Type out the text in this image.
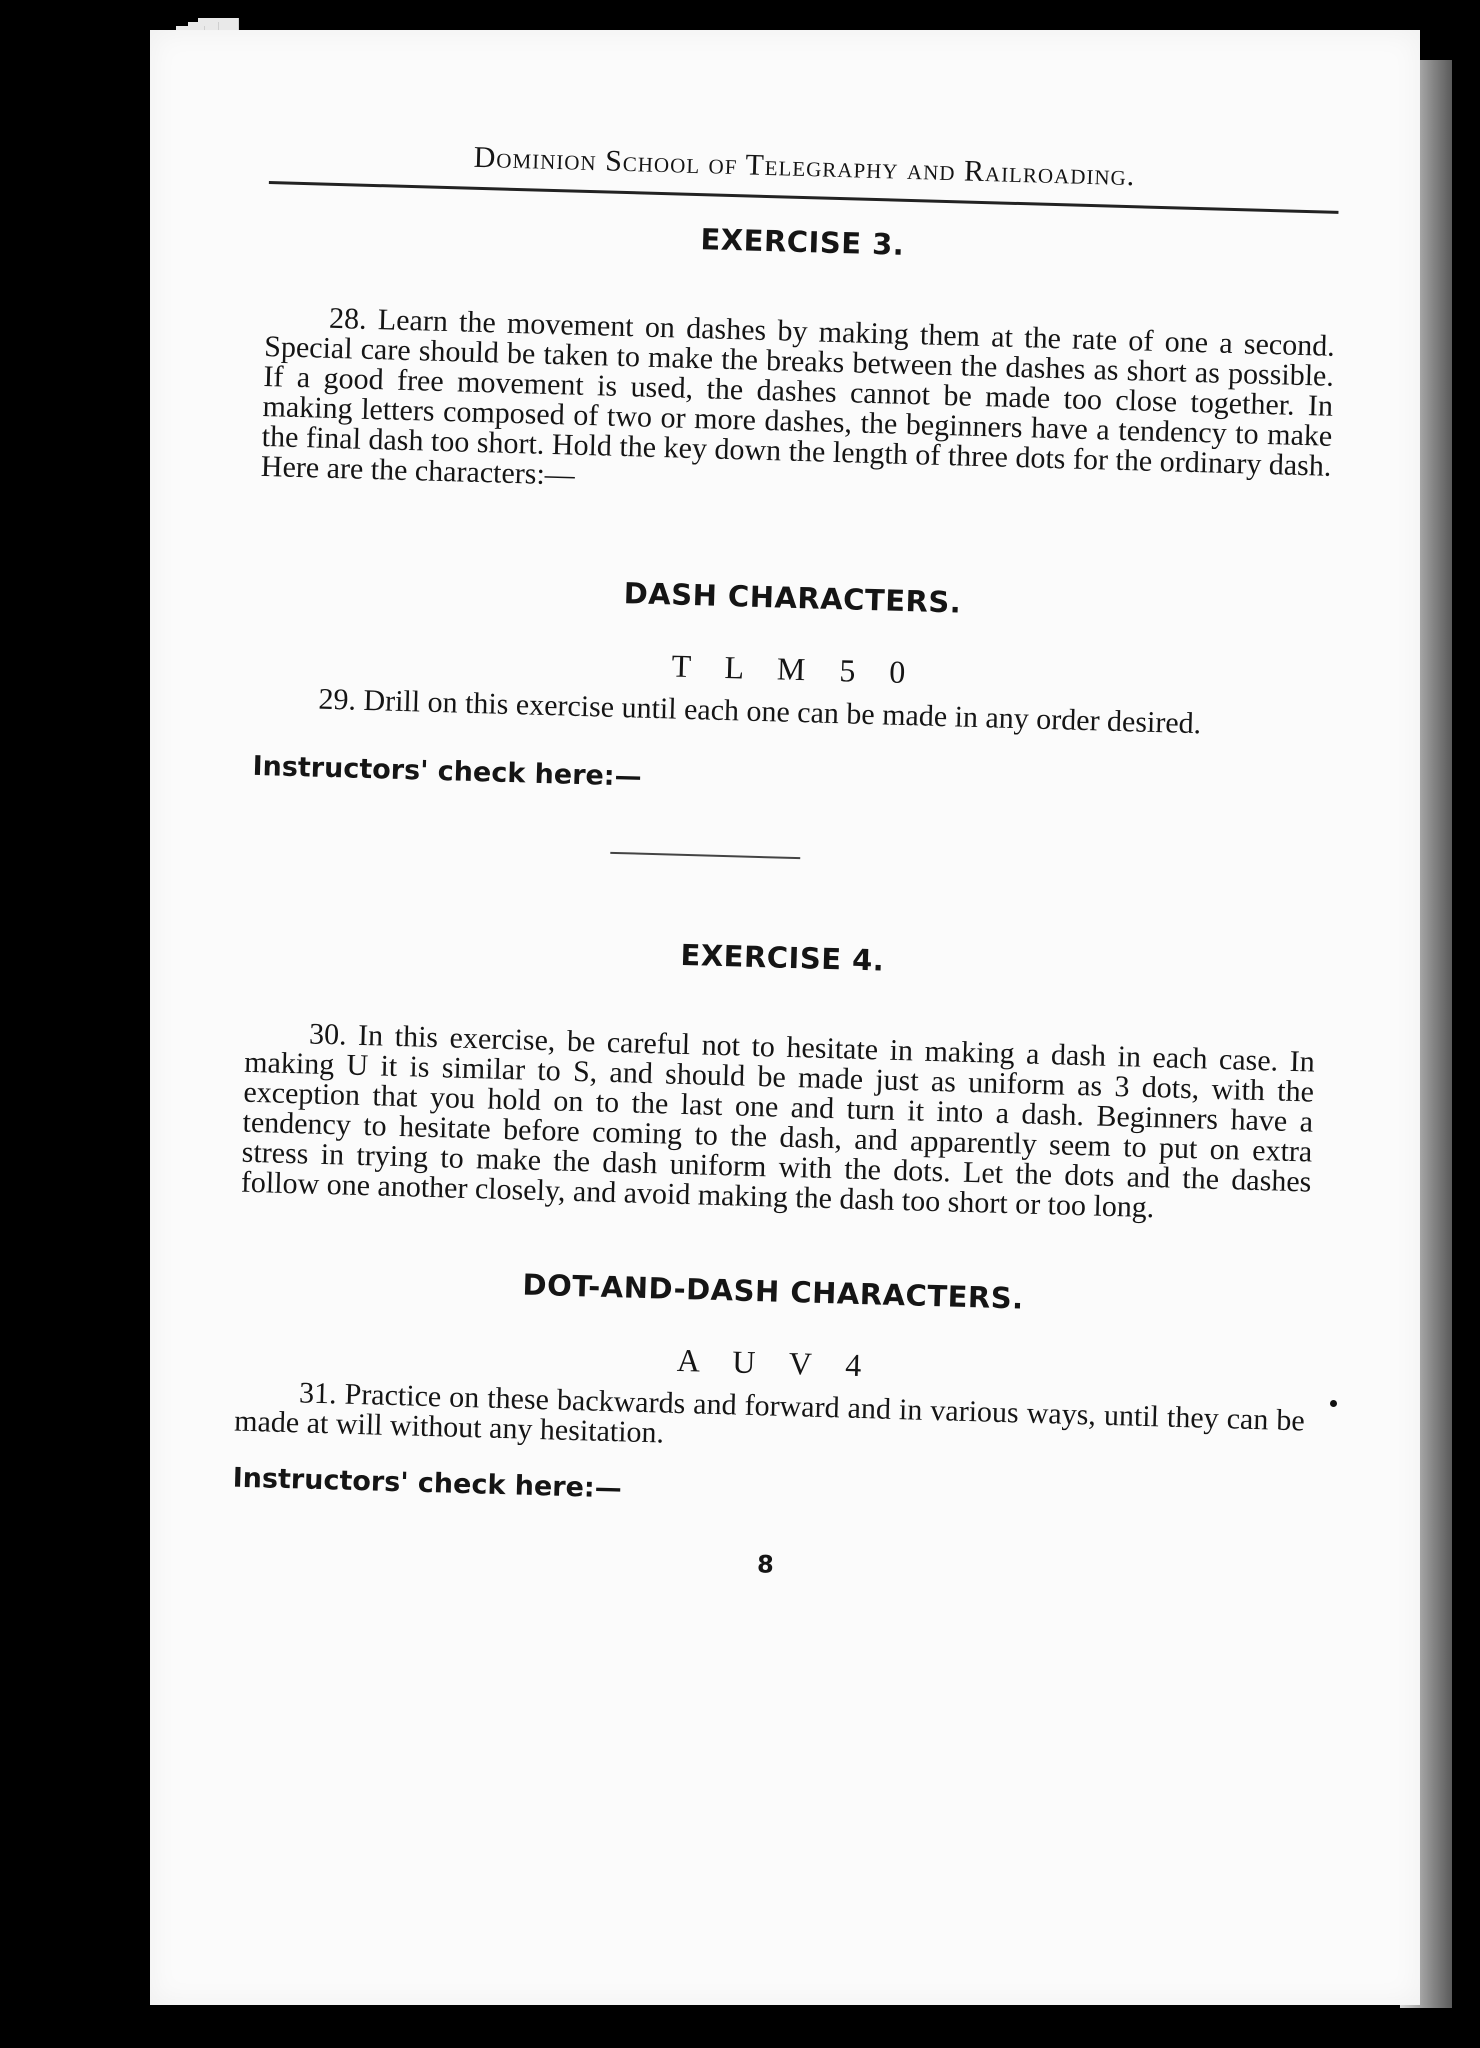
Dominion School of Telegraphy and Railroading.
EXERCISE 3.

28. Learn the movement on dashes by making them at the rate of one a second. Special care should be taken to make the breaks between the dashes as short as possible. If a good free movement is used, the dashes cannot be made too close together. In making letters composed of two or more dashes, the beginners have a tendency to make the final dash too short. Hold the key down the length of three dots for the ordinary dash. Here are the characters:—

DASH CHARACTERS.
T L M 5 0

29. Drill on this exercise until each one can be made in any order desired.

Instructors' check here:—
EXERCISE 4.

30. In this exercise, be careful not to hesitate in making a dash in each case. In making U it is similar to S, and should be made just as uniform as 3 dots, with the exception that you hold on to the last one and turn it into a dash. Beginners have a tendency to hesitate before coming to the dash, and apparently seem to put on extra stress in trying to make the dash uniform with the dots. Let the dots and the dashes follow one another closely, and avoid making the dash too short or too long.

DOT-AND-DASH CHARACTERS.
A U V 4

31. Practice on these backwards and forward and in various ways, until they can be made at will without any hesitation.

Instructors' check here:—
8
